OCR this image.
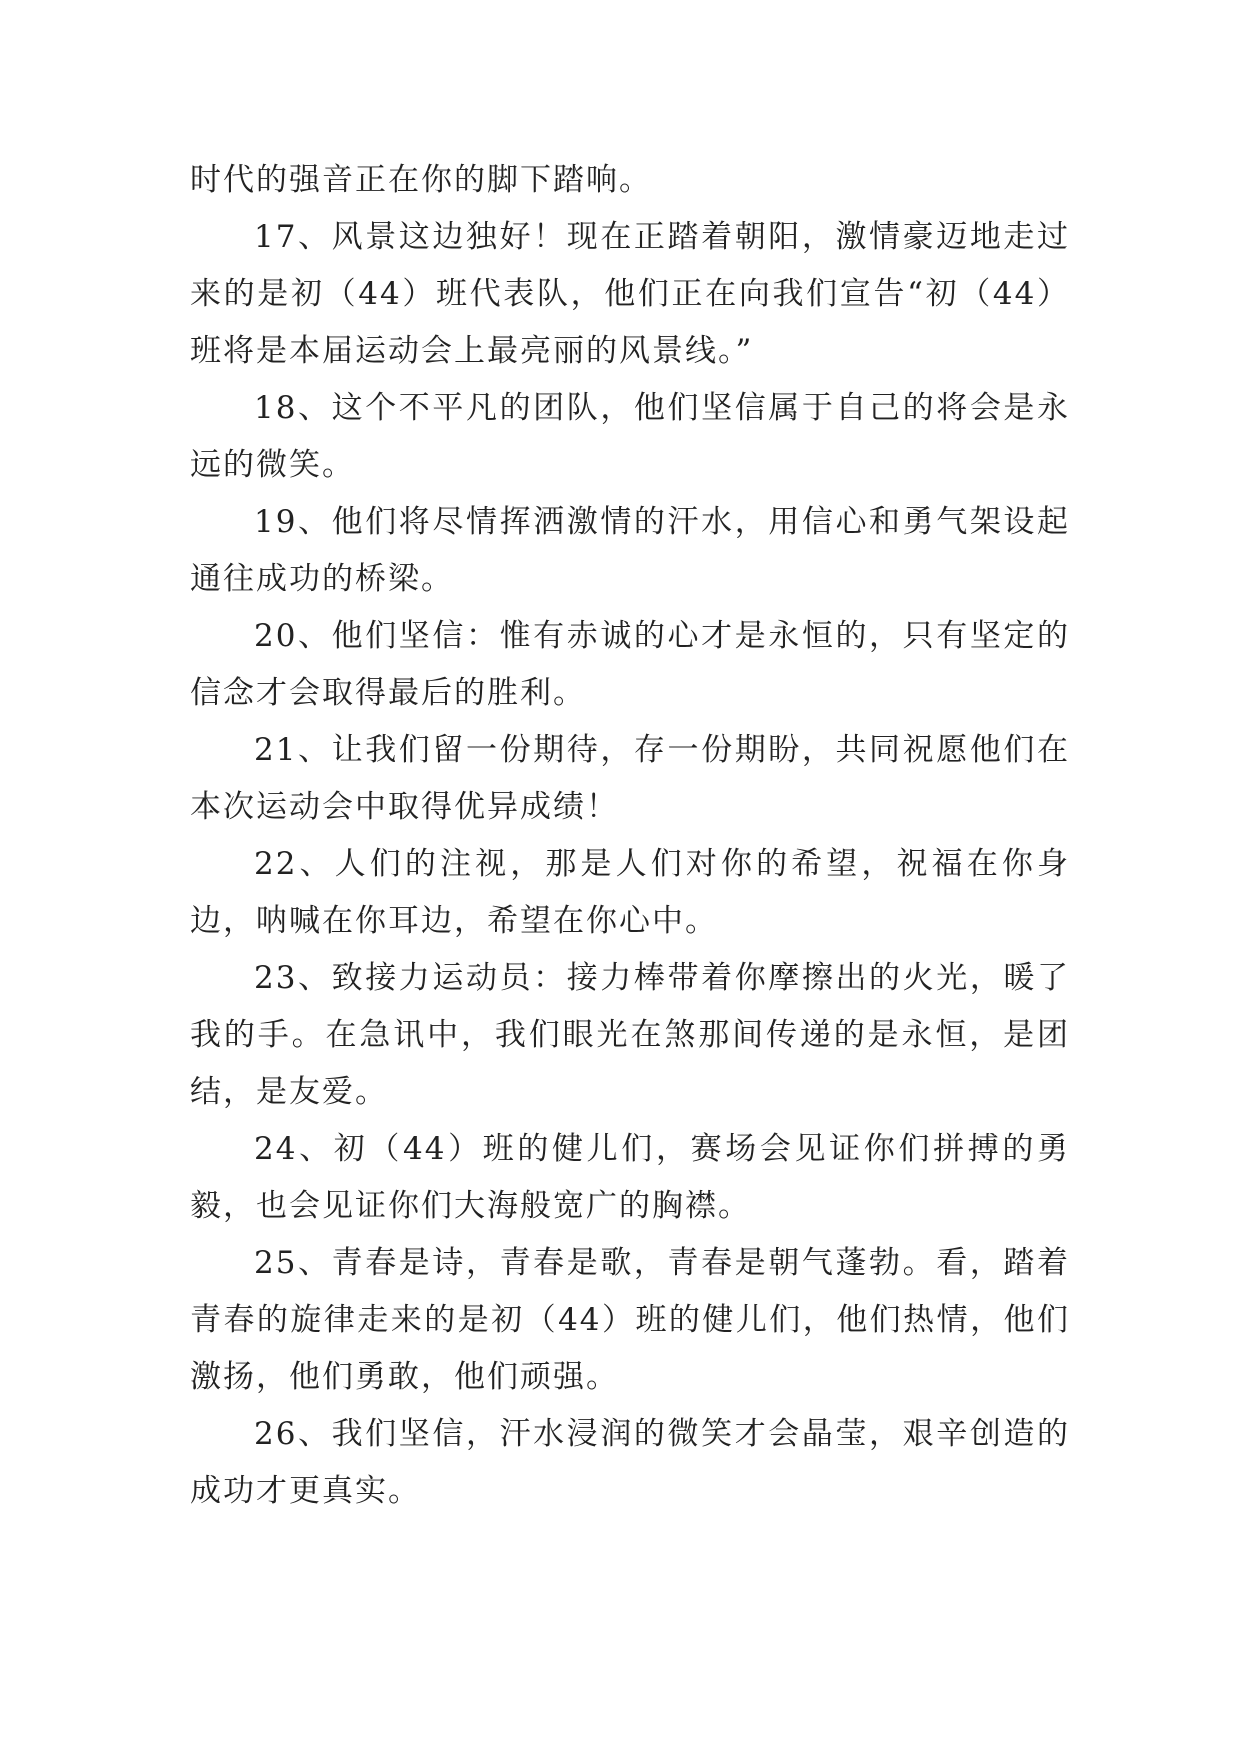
时代的强音正在你的脚下踏响。

17、风景这边独好！现在正踏着朝阳，激情豪迈地走过来的是初（44）班代表队，他们正在向我们宣告“初（44）班将是本届运动会上最亮丽的风景线。”

18、这个不平凡的团队，他们坚信属于自己的将会是永远的微笑。

19、他们将尽情挥洒激情的汗水，用信心和勇气架设起通往成功的桥梁。

20、他们坚信：惟有赤诚的心才是永恒的，只有坚定的信念才会取得最后的胜利。

21、让我们留一份期待，存一份期盼，共同祝愿他们在本次运动会中取得优异成绩！

22、人们的注视，那是人们对你的希望，祝福在你身边，呐喊在你耳边，希望在你心中。

23、致接力运动员：接力棒带着你摩擦出的火光，暖了我的手。在急讯中，我们眼光在煞那间传递的是永恒，是团结，是友爱。

24、初（44）班的健儿们，赛场会见证你们拼搏的勇毅，也会见证你们大海般宽广的胸襟。

25、青春是诗，青春是歌，青春是朝气蓬勃。看，踏着青春的旋律走来的是初（44）班的健儿们，他们热情，他们激扬，他们勇敢，他们顽强。

26、我们坚信，汗水浸润的微笑才会晶莹，艰辛创造的成功才更真实。
